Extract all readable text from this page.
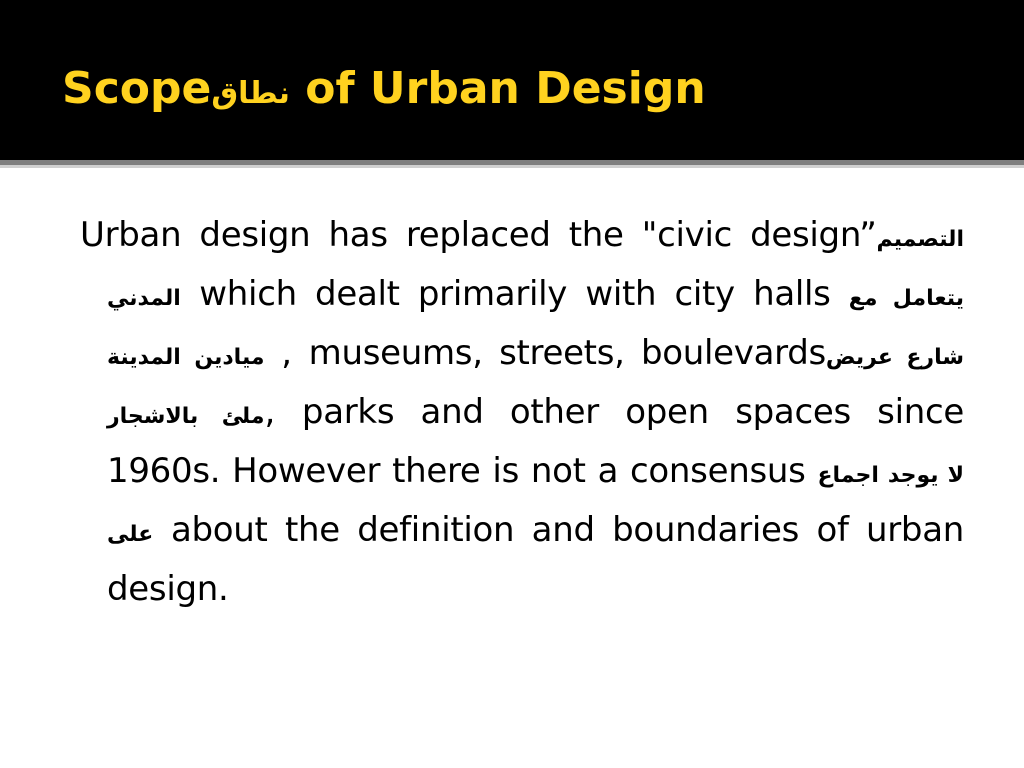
Scopeنطاق of Urban Design
Urban design has replaced the "civic design”التصميم المدني which dealt primarily with city halls يتعامل مع ميادين المدينة , museums, streets, boulevardsشارع عريض ملئ بالاشجار, parks and other open spaces since 1960s. However there is not a consensus لا يوجد اجماع على about the definition and boundaries of urban design.
